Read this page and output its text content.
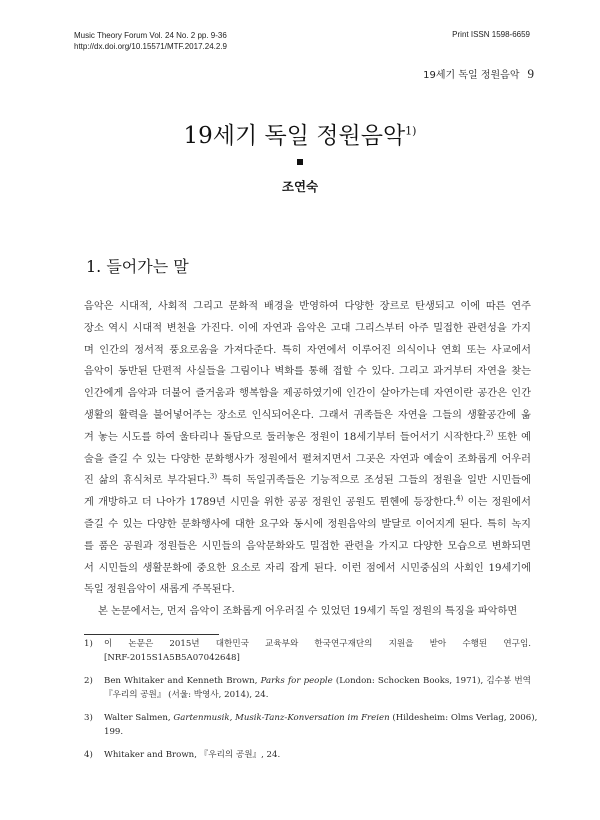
Music Theory Forum Vol. 24 No. 2 pp. 9-36
http://dx.doi.org/10.15571/MTF.2017.24.2.9
Print ISSN 1598-6659
19세기 독일 정원음악 9
19세기 독일 정원음악$^{1)}$
조연숙
1. 들어가는 말
음악은 시대적, 사회적 그리고 문화적 배경을 반영하여 다양한 장르로 탄생되고 이에 따른 연주
장소 역시 시대적 변천을 가진다. 이에 자연과 음악은 고대 그리스부터 아주 밀접한 관련성을 가지
며 인간의 정서적 풍요로움을 가져다준다. 특히 자연에서 이루어진 의식이나 연회 또는 사교에서
음악이 동반된 단편적 사실들을 그림이나 벽화를 통해 접할 수 있다. 그리고 과거부터 자연을 찾는
인간에게 음악과 더불어 즐거움과 행복함을 제공하였기에 인간이 살아가는데 자연이란 공간은 인간
생활의 활력을 불어넣어주는 장소로 인식되어온다. 그래서 귀족들은 자연을 그들의 생활공간에 옮
겨 놓는 시도를 하여 울타리나 돌담으로 둘러놓은 정원이 18세기부터 들어서기 시작한다.$^{2)}$ 또한 예
술을 즐길 수 있는 다양한 문화행사가 정원에서 펼쳐지면서 그곳은 자연과 예술이 조화롭게 어우러
진 삶의 휴식처로 부각된다.$^{3)}$ 특히 독일귀족들은 기능적으로 조성된 그들의 정원을 일반 시민들에
게 개방하고 더 나아가 1789년 시민을 위한 공공 정원인 공원도 뮌헨에 등장한다.$^{4)}$ 이는 정원에서
즐길 수 있는 다양한 문화행사에 대한 요구와 동시에 정원음악의 발달로 이어지게 된다. 특히 녹지
를 품은 공원과 정원들은 시민들의 음악문화와도 밀접한 관련을 가지고 다양한 모습으로 변화되면
서 시민들의 생활문화에 중요한 요소로 자리 잡게 된다. 이런 점에서 시민중심의 사회인 19세기에
독일 정원음악이 새롭게 주목된다.
본 논문에서는, 먼저 음악이 조화롭게 어우러질 수 있었던 19세기 독일 정원의 특징을 파악하면
1) 이 논문은 2015년 대한민국 교육부와 한국연구재단의 지원을 받아 수행된 연구임.
[NRF-2015S1A5B5A07042648]
2) Ben Whitaker and Kenneth Brown, Parks for people (London: Schocken Books, 1971), 김수봉 번역
『우리의 공원』 (서울: 박영사, 2014), 24.
3) Walter Salmen, Gartenmusik, Musik-Tanz-Konversation im Freien (Hildesheim: Olms Verlag, 2006),
199.
4) Whitaker and Brown, 『우리의 공원』, 24.
